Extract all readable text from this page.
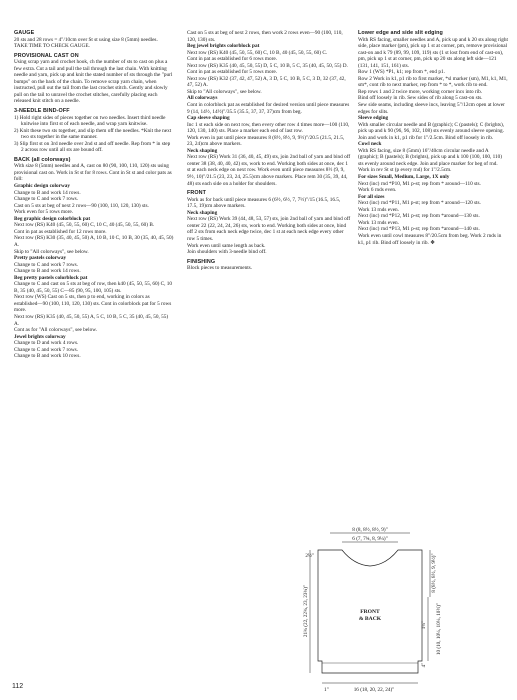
GAUGE

20 sts and 28 rows = 4"/10cm over St st using size 8 (5mm) needles.

TAKE TIME TO CHECK GAUGE.

PROVISIONAL CAST ON

Using scrap yarn and crochet hook, ch the number of sts to cast on plus a few extra. Cut a tail and pull the tail through the last chain. With knitting needle and yarn, pick up and knit the stated number of sts through the "purl bumps" on the back of the chain. To remove scrap yarn chain, when instructed, pull out the tail from the last crochet stitch. Gently and slowly pull on the tail to unravel the crochet stitches, carefully placing each released knit stitch on a needle.

3-NEEDLE BIND-OFF

1) Hold right sides of pieces together on two needles. Insert third needle knitwise into first st of each needle, and wrap yarn knitwise.

2) Knit these two sts together, and slip them off the needles. *Knit the next two sts together in the same manner.

3) Slip first st on 3rd needle over 2nd st and off needle. Rep from * in step 2 across row until all sts are bound off.

BACK (all colorways)

With size 8 (5mm) needles and A, cast on 80 (90, 100, 110, 120) sts using provisional cast on. Work in St st for 8 rows. Cont in St st and color pats as foll:

Graphic design colorway

Change to B and work 14 rows.

Change to C and work 7 rows.

Cast on 5 sts at beg of next 2 rows—90 (100, 110, 120, 130) sts.

Work even for 5 rows more.

Beg graphic design colorblock pat

Next row (RS) K40 (45, 50, 55, 60) C, 10 C, 40 (45, 50, 55, 60) B.

Cont in pat as established for 12 rows more.

Next row (RS) K30 (35, 40, 45, 50) A, 10 B, 10 C, 10 B, 30 (35, 40, 45, 50) A.

Skip to "All colorways", see below.

Pretty pastels colorway

Change to C and work 7 rows.

Change to B and work 14 rows.

Beg pretty pastels colorblock pat

Change to C and cast on 5 sts at beg of row, then k40 (45, 50, 55, 60) C, 10 B, 35 (40, 45, 50, 55) C—85 (90, 95, 100, 105) sts.

Next row (WS) Cast on 5 sts, then p to end, working in colors as established—90 (100, 110, 120, 130) sts. Cont in colorblock pat for 5 rows more.

Next row (RS) K35 (40, 45, 50, 55) A, 5 C, 10 B, 5 C, 35 (40, 45, 50, 55) A.

Cont as for "All colorways", see below.

Jewel brights colorway

Change to D and work 4 rows.

Change to C and work 7 rows.

Change to B and work 10 rows.

Cast on 5 sts at beg of next 2 rows, then work 2 rows even—90 (100, 110, 120, 130) sts.

Beg jewel brights colorblock pat

Next row (RS) K40 (45, 50, 55, 60) C, 10 B, 40 (45, 50, 55, 60) C.

Cont in pat as established for 6 rows more.

Next row (RS) K35 (40, 45, 50, 55) D, 5 C, 10 B, 5 C, 35 (40, 45, 50, 55) D.

Cont in pat as established for 5 rows more.

Next row (RS) K32 (37, 42, 47, 52) A, 3 D, 5 C, 10 B, 5 C, 3 D, 32 (37, 42, 47, 52) A.

Skip to "All colorways", see below.

All colorways

Cont in colorblock pat as established for desired version until piece measures 9 (14, 14½, 14½)"/35.5 (35.5, 37, 37, 37)cm from beg.

Cap sleeve shaping

Inc 1 st each side on next row, then every other row 4 times more—100 (110, 120, 130, 140) sts. Place a marker each end of last row.

Work even in pat until piece measures 8 (8½, 8½, 9, 9½)"/20.5 (21.5, 21.5, 23, 24)cm above markers.

Neck shaping

Next row (RS) Work 31 (36, 40, 45, 49) sts, join 2nd ball of yarn and bind off center 38 (38, 40, 40, 42) sts, work to end. Working both sides at once, dec 1 st at each neck edge on next row. Work even until piece measures 8½ (9, 9, 9½, 10)"/21.5 (23, 23, 24, 25.5)cm above markers. Place rem 30 (35, 39, 44, 48) sts each side on a holder for shoulders.

FRONT

Work as for back until piece measures 6 (6½, 6½, 7, 7½)"/15 (16.5, 16.5, 17.5, 19)cm above markers.

Neck shaping

Next row (RS) Work 39 (44, 48, 53, 57) sts, join 2nd ball of yarn and bind off center 22 (22, 24, 24, 26) sts, work to end. Working both sides at once, bind off 2 sts from each neck edge twice, dec 1 st at each neck edge every other row 5 times.

Work even until same length as back.

Join shoulders with 3-needle bind off.

FINISHING

Block pieces to measurements.

Lower edge and side slit edging

With RS facing, smaller needles and A, pick up and k 20 sts along right side, place marker (pm), pick up 1 st at corner, pm, remove provisional cast-on and k 79 (89, 99, 109, 119) sts (1 st lost from end of cast-on), pm, pick up 1 st at corner, pm, pick up 20 sts along left side—121 (131, 141, 151, 161) sts.

Row 1 (WS) *P1, k1; rep from *, end p1.

Row 2 Work in k1, p1 rib to first marker, *sl marker (sm), M1, k1, M1, sm*, cont rib to next marker, rep from * to *, work rib to end.

Rep rows 1 and 2 twice more, working corner incs into rib.

Bind off loosely in rib. Sew sides of rib along 5 cast-on sts.

Sew side seams, including sleeve incs, leaving 5"/12cm open at lower edges for slits.

Sleeve edging

With smaller circular needle and B (graphic); C (pastels); C (brights), pick up and k 90 (96, 96, 102, 108) sts evenly around sleeve opening. Join and work in k1, p1 rib for 1"/2.5cm. Bind off loosely in rib.

Cowl neck

With RS facing, size 8 (5mm) 16"/40cm circular needle and A (graphic); B (pastels); B (brights), pick up and k 100 (100, 100, 110) sts evenly around neck edge. Join and place marker for beg of rnd.

Work in rev St st (p every rnd) for 1"/2.5cm.

For sizes Small, Medium, Large, 1X only

Next (inc) rnd *P10, M1 p-st; rep from * around—110 sts.

Work 6 rnds even.

For all sizes

Next (inc) rnd *P11, M1 p-st; rep from * around—120 sts.

Work 13 rnds even.

Next (inc) rnd *P12, M1 p-st; rep from *around—130 sts.

Work 13 rnds even.

Next (inc) rnd *P13, M1 p-st; rep from *around—140 sts.

Work even until cowl measures 8"/20.5cm from beg. Work 2 rnds in k1, p1 rib. Bind off loosely in rib. ❖

8 (8, 8½, 8½, 9)"
6 (7, 7¾, 8, 9¼)"
FRONT
& BACK
21¾ (22, 22¾, 23, 23¾)"
2½"	8 (8½, 8½, 9, 9½)"
10 (10, 10¼, 10¼, 10½)"
1¼"
4"
1"	16 (18, 20, 22, 24)"
112
